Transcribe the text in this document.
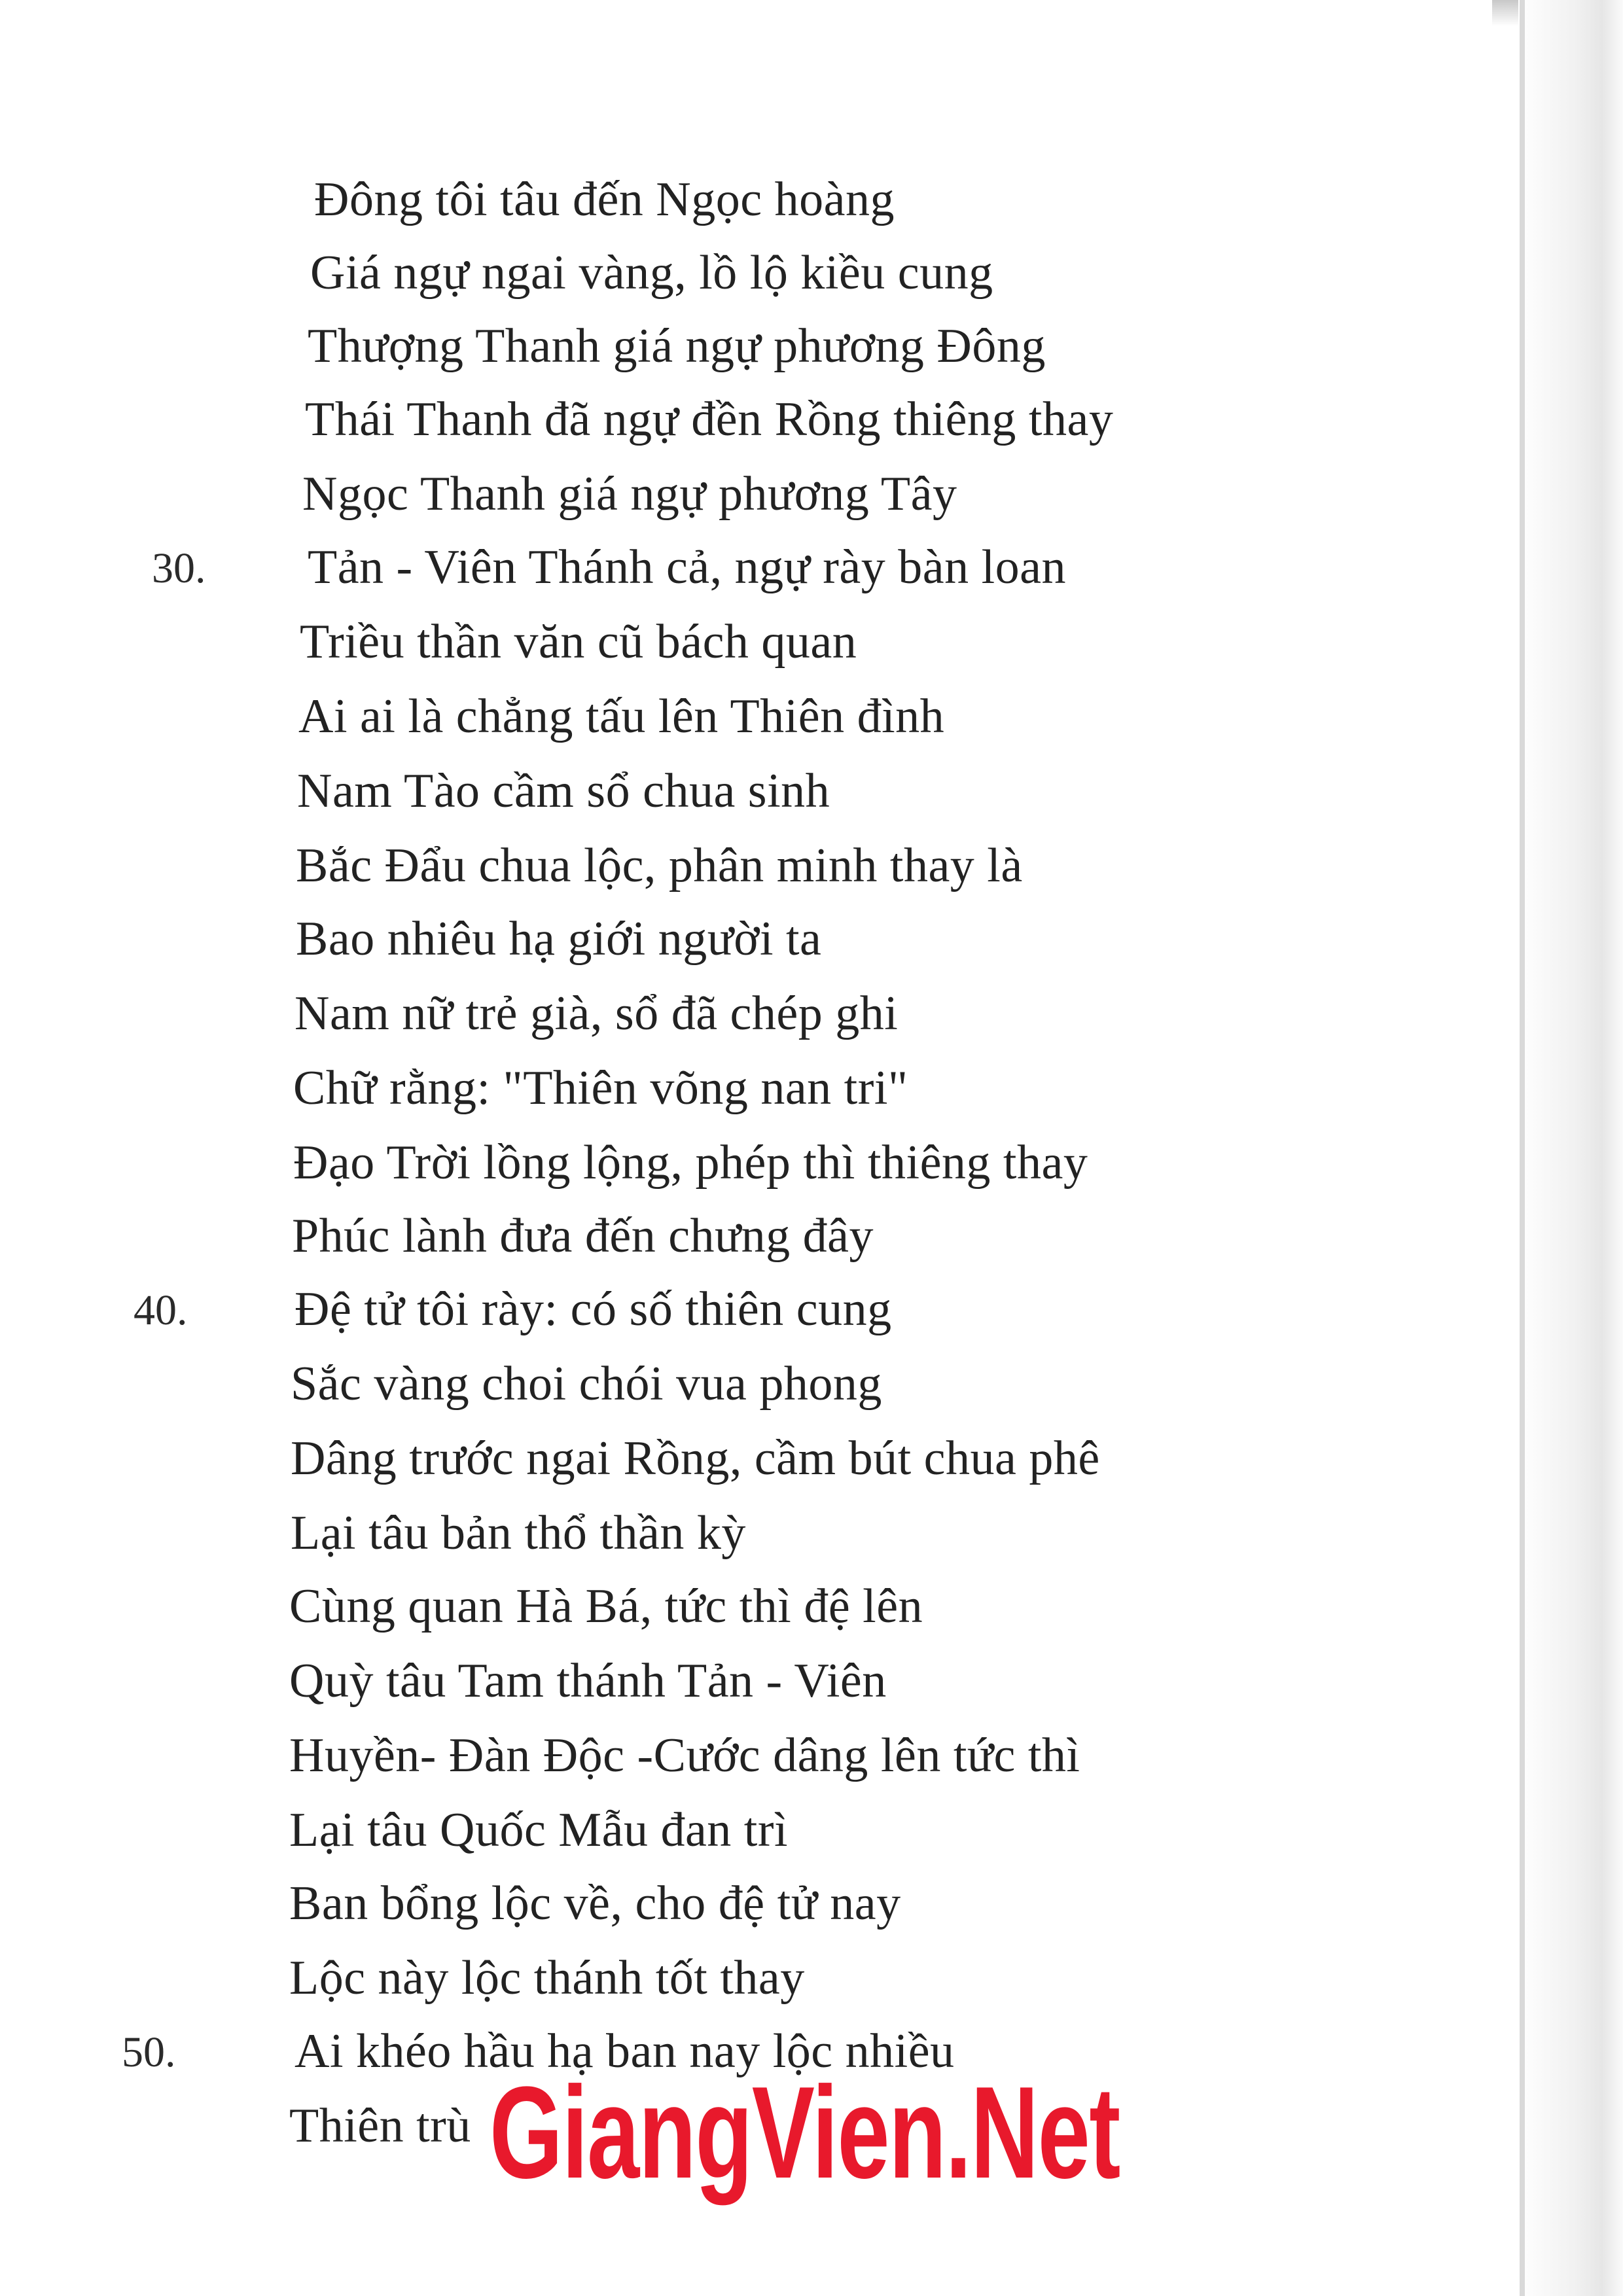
Đông tôi tâu đến Ngọc hoàng
Giá ngự ngai vàng, lồ lộ kiều cung
Thượng Thanh giá ngự phương Đông
Thái Thanh đã ngự đền Rồng thiêng thay
Ngọc Thanh giá ngự phương Tây
30. Tản - Viên Thánh cả, ngự rày bàn loan
Triều thần văn cũ bách quan
Ai ai là chẳng tấu lên Thiên đình
Nam Tào cầm sổ chua sinh
Bắc Đẩu chua lộc, phân minh thay là
Bao nhiêu hạ giới người ta
Nam nữ trẻ già, sổ đã chép ghi
Chữ rằng: "Thiên võng nan tri"
Đạo Trời lồng lộng, phép thì thiêng thay
Phúc lành đưa đến chưng đây
40. Đệ tử tôi rày: có số thiên cung
Sắc vàng choi chói vua phong
Dâng trước ngai Rồng, cầm bút chua phê
Lại tâu bản thổ thần kỳ
Cùng quan Hà Bá, tức thì đệ lên
Quỳ tâu Tam thánh Tản - Viên
Huyền- Đàn Độc -Cước dâng lên tức thì
Lại tâu Quốc Mẫu đan trì
Ban bổng lộc về, cho đệ tử nay
Lộc này lộc thánh tốt thay
50. Ai khéo hầu hạ ban nay lộc nhiều
Thiên trù GiangVien.Net
